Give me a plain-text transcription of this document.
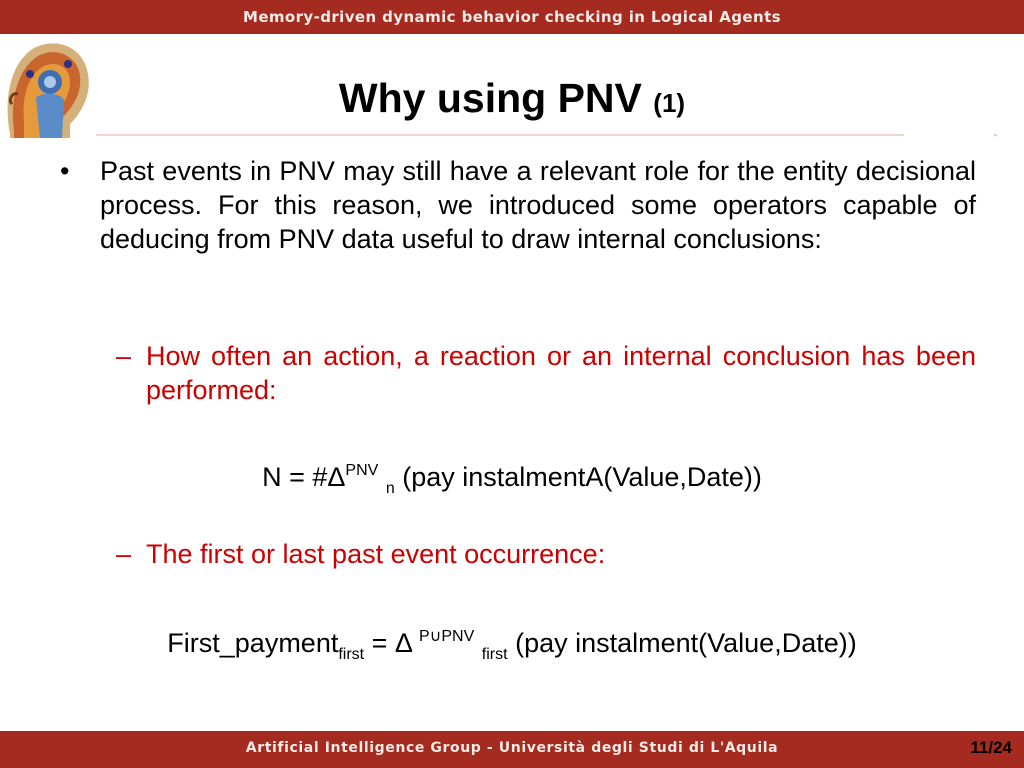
Memory-driven dynamic behavior checking in Logical Agents
Why using PNV (1)
• Past events in PNV may still have a relevant role for the entity decisional process. For this reason, we introduced some operators capable of deducing from PNV data useful to draw internal conclusions:
– How often an action, a reaction or an internal conclusion has been performed:
$N = \#\Delta^{PNV}$ $_n$ (pay instalmentA(Value,Date))
– The first or last past event occurrence:
First_payment$_{first}$ = Δ $^{P\cup PNV}$ $_{first}$ (pay instalment(Value,Date))
Artificial Intelligence Group - Università degli Studi di L'Aquila	11/24
